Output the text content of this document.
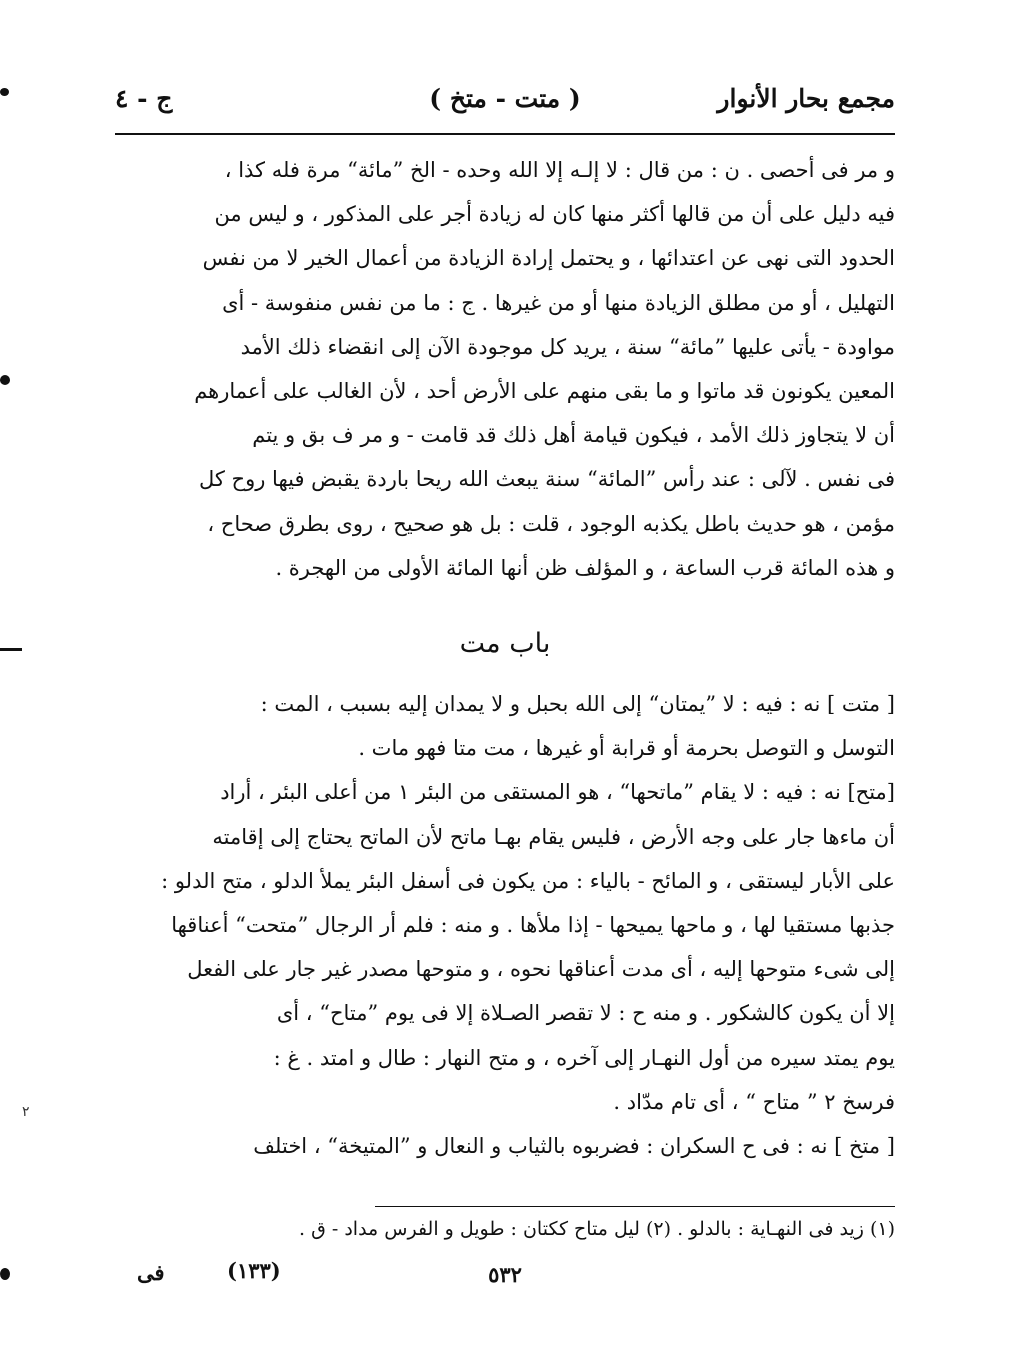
٢
مجمع بحار الأنوار
( متت - متخ )
ج - ٤

و مر فى أحصى . ن : من قال : لا إلـه إلا الله وحده - الخ ”مائة“ مرة فله كذا ،

فيه دليل على أن من قالها أكثر منها كان له زيادة أجر على المذكور ، و ليس من

الحدود التى نهى عن اعتدائها ، و يحتمل إرادة الزيادة من أعمال الخير لا من نفس

التهليل ، أو من مطلق الزيادة منها أو من غيرها . ج : ما من نفس منفوسة - أى

مواودة - يأتى عليها ”مائة“ سنة ، يريد كل موجودة الآن إلى انقضاء ذلك الأمد

المعين يكونون قد ماتوا و ما بقى منهم على الأرض أحد ، لأن الغالب على أعمارهم

أن لا يتجاوز ذلك الأمد ، فيكون قيامة أهل ذلك قد قامت - و مر ف بق و يتم

فى نفس . لآلى : عند رأس ”المائة“ سنة يبعث الله ريحا باردة يقبض فيها روح كل

مؤمن ، هو حديث باطل يكذبه الوجود ، قلت : بل هو صحيح ، روى بطرق صحاح ،

و هذه المائة قرب الساعة ، و المؤلف ظن أنها المائة الأولى من الهجرة .

باب مت

[ متت ] نه : فيه : لا ”يمتان“ إلى الله بحبل و لا يمدان إليه بسبب ، المت :

التوسل و التوصل بحرمة أو قرابة أو غيرها ، مت متا فهو مات .

[متح] نه : فيه : لا يقام ”ماتحها“ ، هو المستقى من البئر ١ من أعلى البئر ، أراد

أن ماءها جار على وجه الأرض ، فليس يقام بهـا ماتح لأن الماتح يحتاج إلى إقامته

على الأبار ليستقى ، و المائح - بالياء : من يكون فى أسفل البئر يملأ الدلو ، متح الدلو :

جذبها مستقيا لها ، و ماحها يميحها - إذا ملأها . و منه : فلم أر الرجال ”متحت“ أعناقها

إلى شىء متوحها إليه ، أى مدت أعناقها نحوه ، و متوحها مصدر غير جار على الفعل

إلا أن يكون كالشكور . و منه ح : لا تقصر الصـلاة إلا فى يوم ”متاح“ ، أى

يوم يمتد سيره من أول النهـار إلى آخره ، و متح النهار : طال و امتد . غ :

فرسخ ٢ ” متاح “ ، أى تام مدّاد .

[ متخ ] نه : فى ح السكران : فضربوه بالثياب و النعال و ”المتيخة“ ، اختلف

(١) زيد فى النهـاية : بالدلو . (٢) ليل متاح ككتان : طويل و الفرس مداد - ق .
٥٣٢
(١٣٣)
فى
